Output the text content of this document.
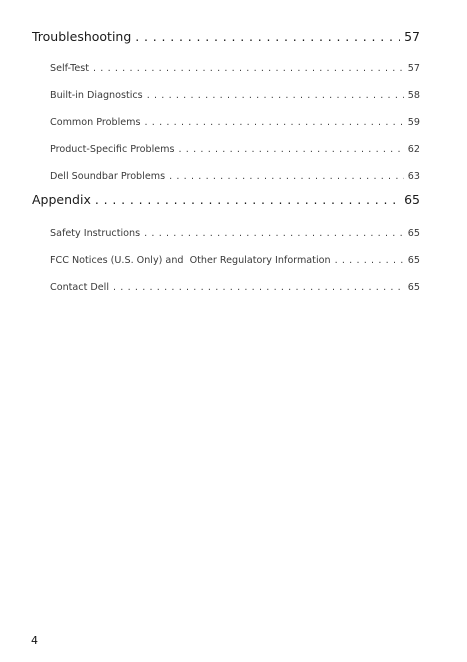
Troubleshooting . . .	57
Self-Test . . .	57
Built-in Diagnostics . . .	58
Common Problems . . .	59
Product-Specific Problems . . .	62
Dell Soundbar Problems . . .	63
Appendix . . .	65
Safety Instructions . . .	65
FCC Notices (U.S. Only) and  Other Regulatory Information . . .	65
Contact Dell . . .	65
4
